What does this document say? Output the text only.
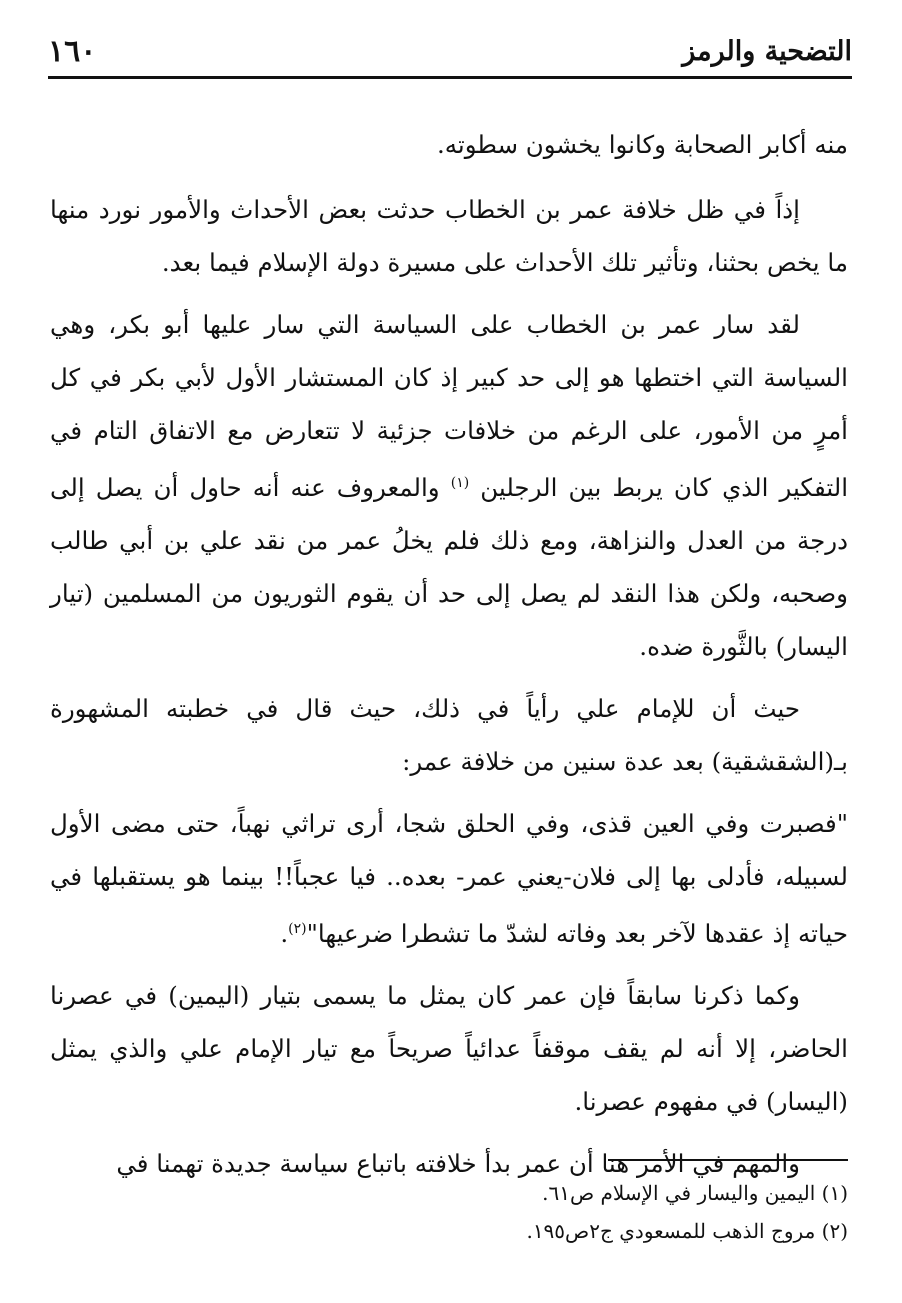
التضحية والرمز
١٦٠

منه أكابر الصحابة وكانوا يخشون سطوته.

إذاً في ظل خلافة عمر بن الخطاب حدثت بعض الأحداث والأمور نورد منها ما يخص بحثنا، وتأثير تلك الأحداث على مسيرة دولة الإسلام فيما بعد.

لقد سار عمر بن الخطاب على السياسة التي سار عليها أبو بكر، وهي السياسة التي اختطها هو إلى حد كبير إذ كان المستشار الأول لأبي بكر في كل أمرٍ من الأمور، على الرغم من خلافات جزئية لا تتعارض مع الاتفاق التام في التفكير الذي كان يربط بين الرجلين $^{(١)}$ والمعروف عنه أنه حاول أن يصل إلى درجة من العدل والنزاهة، ومع ذلك فلم يخلُ عمر من نقد علي بن أبي طالب وصحبه، ولكن هذا النقد لم يصل إلى حد أن يقوم الثوريون من المسلمين (تيار اليسار) بالثَّورة ضده.

حيث أن للإمام علي رأياً في ذلك، حيث قال في خطبته المشهورة بـ(الشقشقية) بعد عدة سنين من خلافة عمر:

"فصبرت وفي العين قذى، وفي الحلق شجا، أرى تراثي نهباً، حتى مضى الأول لسبيله، فأدلى بها إلى فلان-يعني عمر- بعده.. فيا عجباً!! بينما هو يستقبلها في حياته إذ عقدها لآخر بعد وفاته لشدّ ما تشطرا ضرعيها"$^{(٢)}$.

وكما ذكرنا سابقاً فإن عمر كان يمثل ما يسمى بتيار (اليمين) في عصرنا الحاضر، إلا أنه لم يقف موقفاً عدائياً صريحاً مع تيار الإمام علي والذي يمثل (اليسار) في مفهوم عصرنا.

والمهم في الأمر هنا أن عمر بدأ خلافته باتباع سياسة جديدة تهمنا في

(١) اليمين واليسار في الإسلام ص٦١.

(٢) مروج الذهب للمسعودي ج٢ص١٩٥.
